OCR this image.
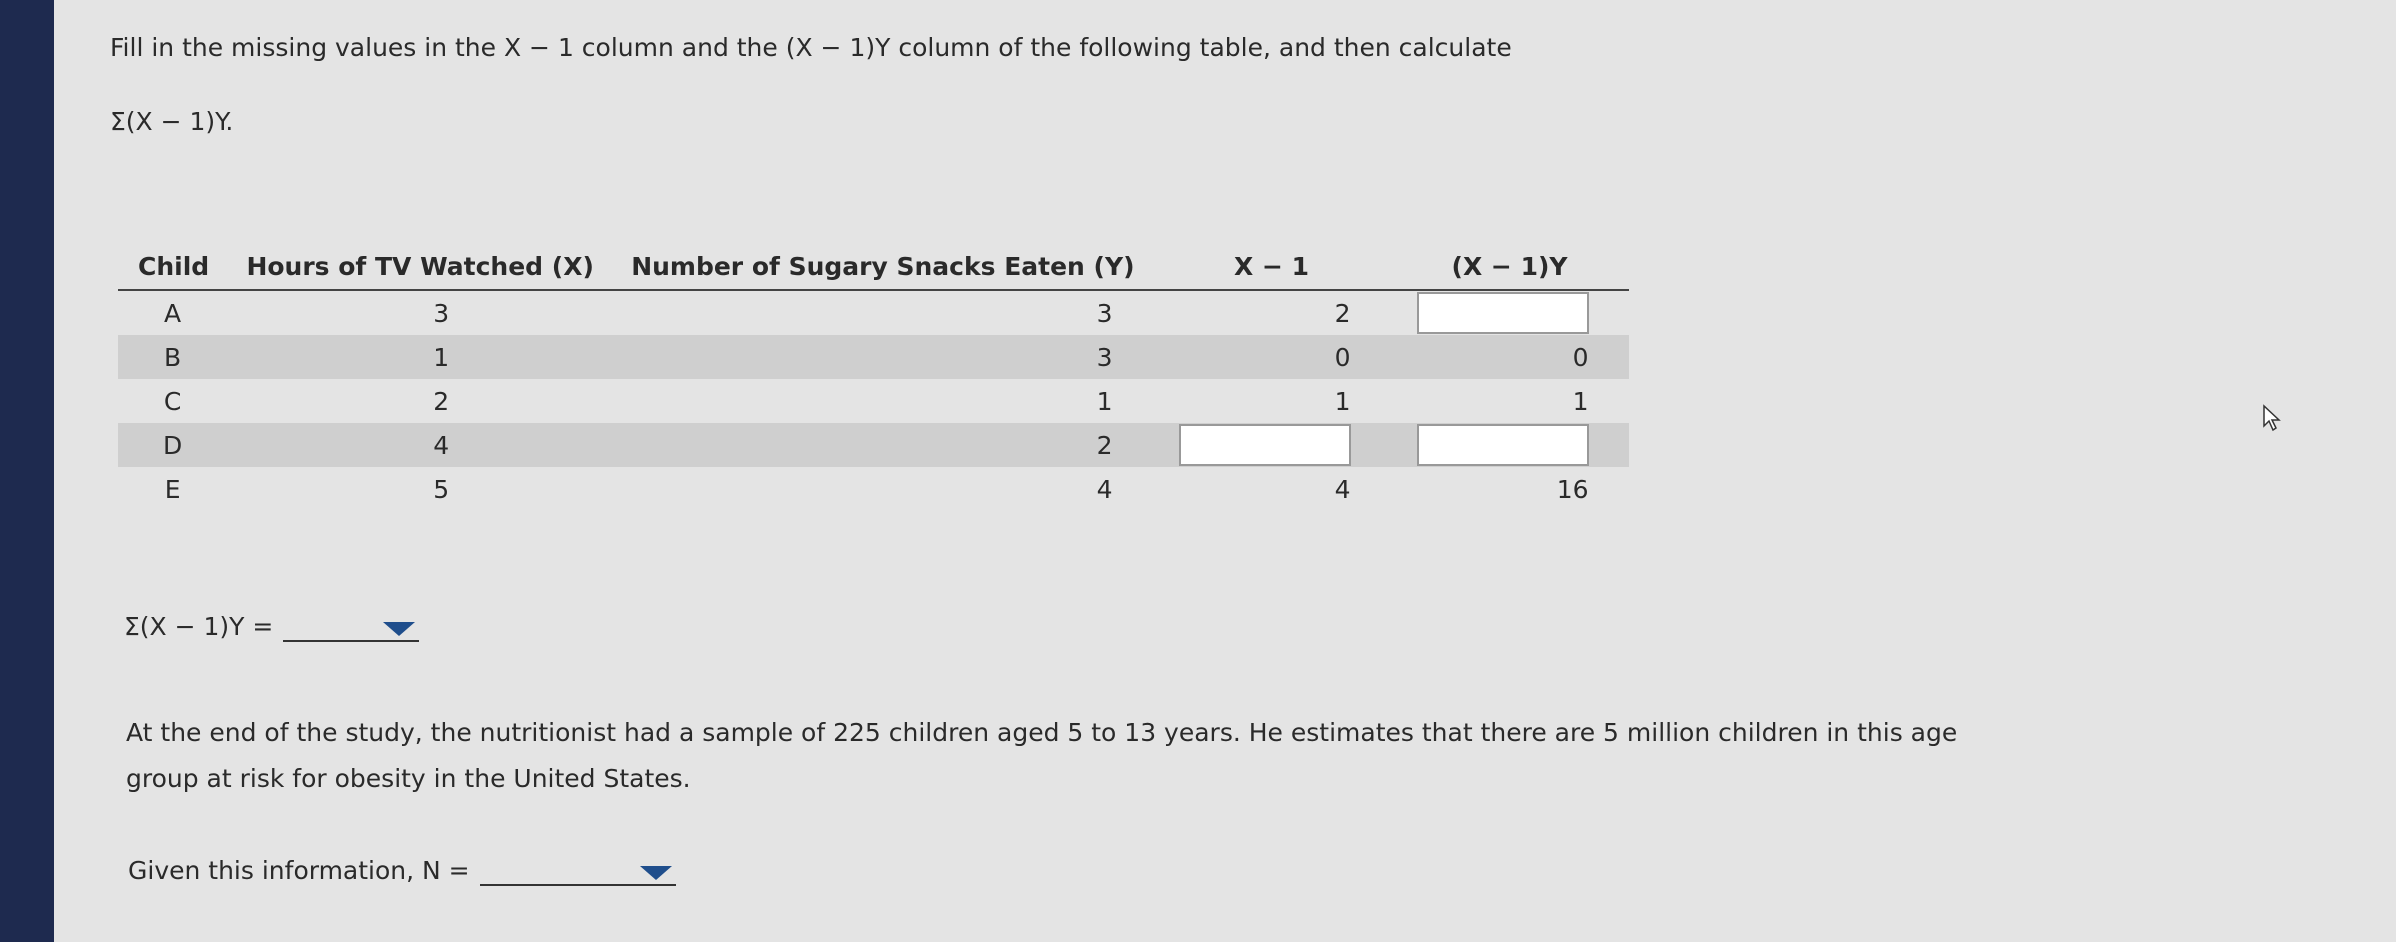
Fill in the missing values in the X − 1 column and the (X − 1)Y column of the following table, and then calculate
Σ(X − 1)Y.
Child	Hours of TV Watched (X)	Number of Sugary Snacks Eaten (Y)	X − 1	(X − 1)Y
A	3	3	2	
B	1	3	0	0
C	2	1	1	1
D	4	2		
E	5	4	4	16
Σ(X − 1)Y =
At the end of the study, the nutritionist had a sample of 225 children aged 5 to 13 years. He estimates that there are 5 million children in this age group at risk for obesity in the United States.
Given this information, N =
